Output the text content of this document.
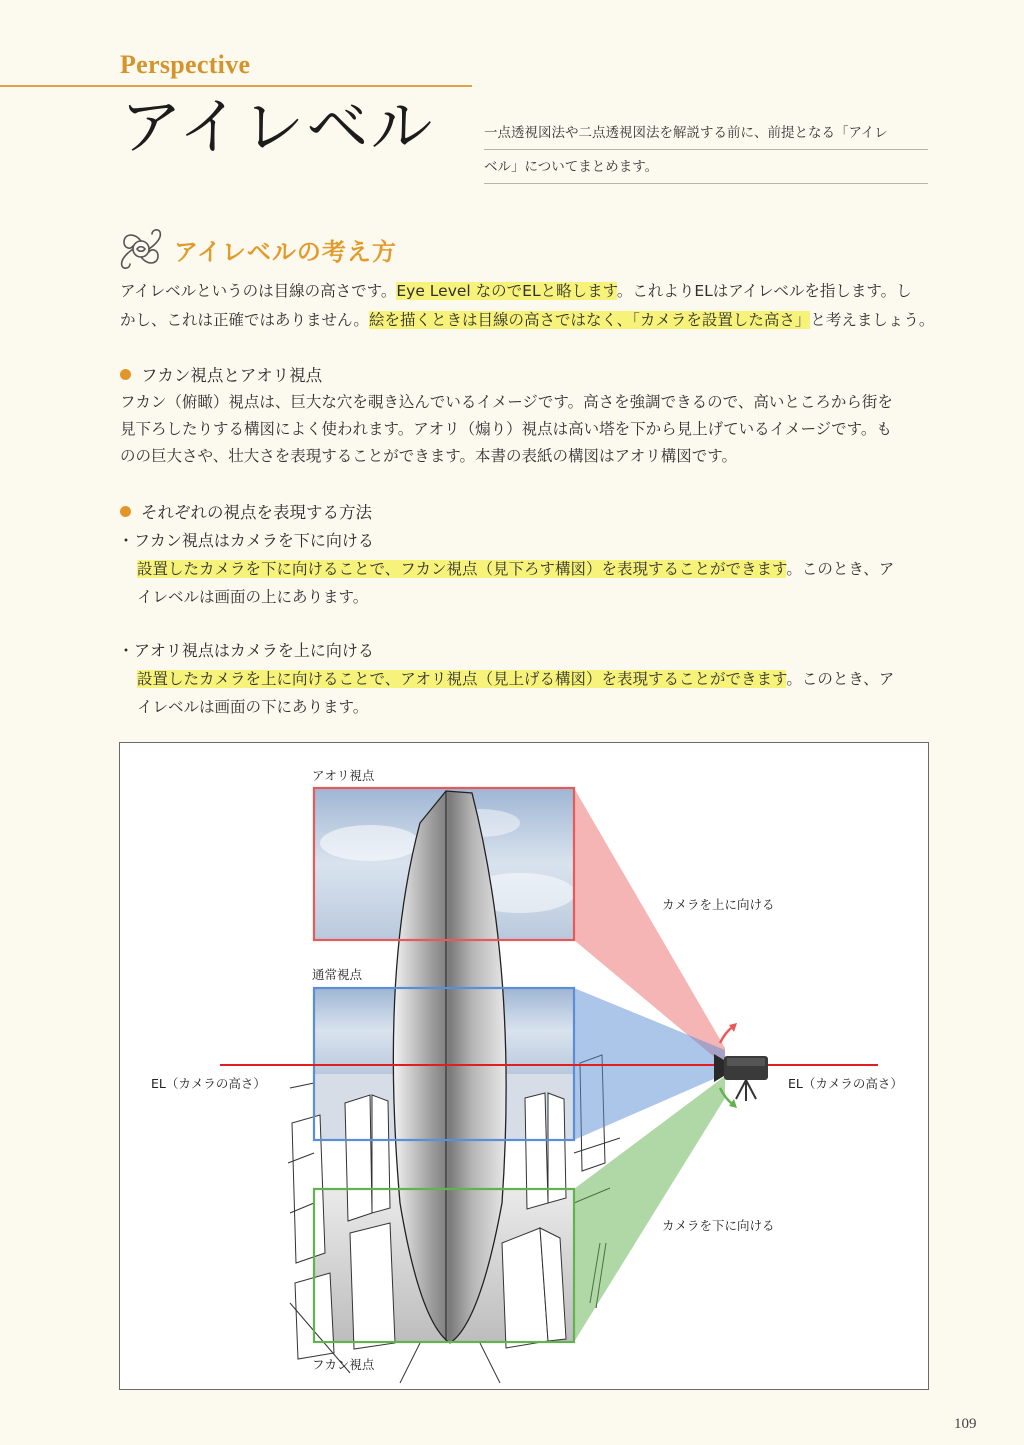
Perspective
アイレベル	一点透視図法や二点透視図法を解説する前に、前提となる「アイレ
ベル」についてまとめます。
アイレベルの考え方
アイレベルというのは目線の高さです。Eye Level なのでELと略します。これよりELはアイレベルを指します。し
かし、これは正確ではありません。絵を描くときは目線の高さではなく、「カメラを設置した高さ」と考えましょう。
フカン視点とアオリ視点
フカン（俯瞰）視点は、巨大な穴を覗き込んでいるイメージです。高さを強調できるので、高いところから街を
見下ろしたりする構図によく使われます。アオリ（煽り）視点は高い塔を下から見上げているイメージです。も
のの巨大さや、壮大さを表現することができます。本書の表紙の構図はアオリ構図です。
それぞれの視点を表現する方法
・フカン視点はカメラを下に向ける
設置したカメラを下に向けることで、フカン視点（見下ろす構図）を表現することができます。このとき、ア
イレベルは画面の上にあります。
・アオリ視点はカメラを上に向ける
設置したカメラを上に向けることで、アオリ視点（見上げる構図）を表現することができます。このとき、ア
イレベルは画面の下にあります。
アオリ視点
通常視点
フカン視点
カメラを上に向ける
カメラを下に向ける
EL（カメラの高さ）	EL（カメラの高さ）
109
